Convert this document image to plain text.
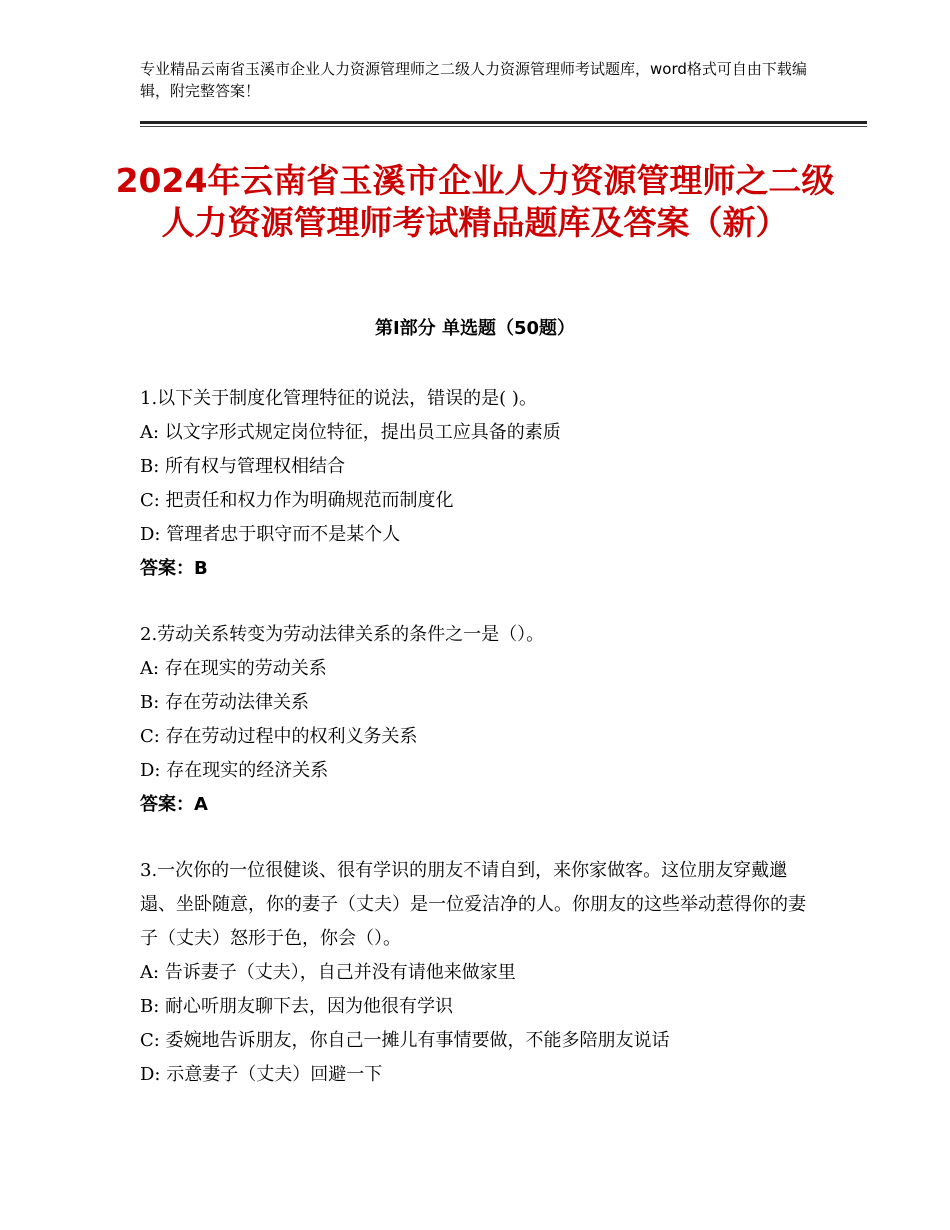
专业精品云南省玉溪市企业人力资源管理师之二级人力资源管理师考试题库，word格式可自由下载编辑，附完整答案！
2024年云南省玉溪市企业人力资源管理师之二级人力资源管理师考试精品题库及答案（新）
第Ⅰ部分 单选题（50题）

1.以下关于制度化管理特征的说法，错误的是( )。

A: 以文字形式规定岗位特征，提出员工应具备的素质

B: 所有权与管理权相结合

C: 把责任和权力作为明确规范而制度化

D: 管理者忠于职守而不是某个人

答案：B

2.劳动关系转变为劳动法律关系的条件之一是（）。

A: 存在现实的劳动关系

B: 存在劳动法律关系

C: 存在劳动过程中的权利义务关系

D: 存在现实的经济关系

答案：A

3.一次你的一位很健谈、很有学识的朋友不请自到，来你家做客。这位朋友穿戴邋遢、坐卧随意，你的妻子（丈夫）是一位爱洁净的人。你朋友的这些举动惹得你的妻子（丈夫）怒形于色，你会（）。

A: 告诉妻子（丈夫），自己并没有请他来做家里

B: 耐心听朋友聊下去，因为他很有学识

C: 委婉地告诉朋友，你自己一摊儿有事情要做，不能多陪朋友说话

D: 示意妻子（丈夫）回避一下
